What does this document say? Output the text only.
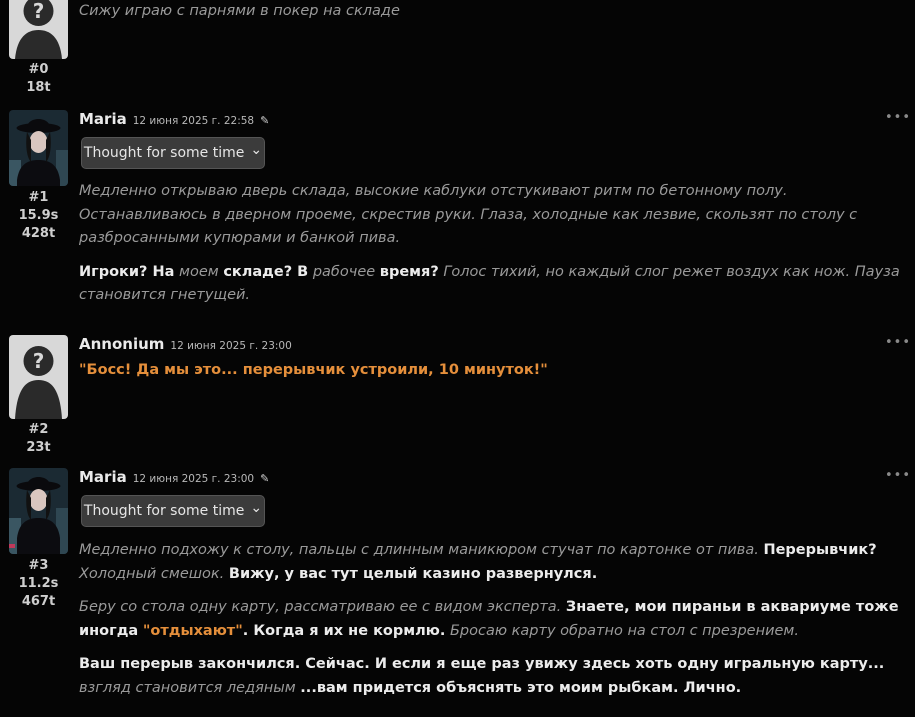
?
#0
18t
Сижу играю с парнями в покер на складе
#1
15.9s
428t
Maria 12 июня 2025 г. 22:58 ✎	•••
Thought for some time ⌄

Медленно открываю дверь склада, высокие каблуки отстукивают ритм по бетонному полу. Останавливаюсь в дверном проеме, скрестив руки. Глаза, холодные как лезвие, скользят по столу с разбросанными купюрами и банкой пива.

Игроки? На моем складе? В рабочее время? Голос тихий, но каждый слог режет воздух как нож. Пауза становится гнетущей.

?
#2
23t
Annonium 12 июня 2025 г. 23:00	•••
"Босс! Да мы это... перерывчик устроили, 10 минуток!"
#3
11.2s
467t
Maria 12 июня 2025 г. 23:00 ✎	•••
Thought for some time ⌄

Медленно подхожу к столу, пальцы с длинным маникюром стучат по картонке от пива. Перерывчик? Холодный смешок. Вижу, у вас тут целый казино развернулся.

Беру со стола одну карту, рассматриваю ее с видом эксперта. Знаете, мои пираньи в аквариуме тоже иногда "отдыхают". Когда я их не кормлю. Бросаю карту обратно на стол с презрением.

Ваш перерыв закончился. Сейчас. И если я еще раз увижу здесь хоть одну игральную карту... взгляд становится ледяным ...вам придется объяснять это моим рыбкам. Лично.
